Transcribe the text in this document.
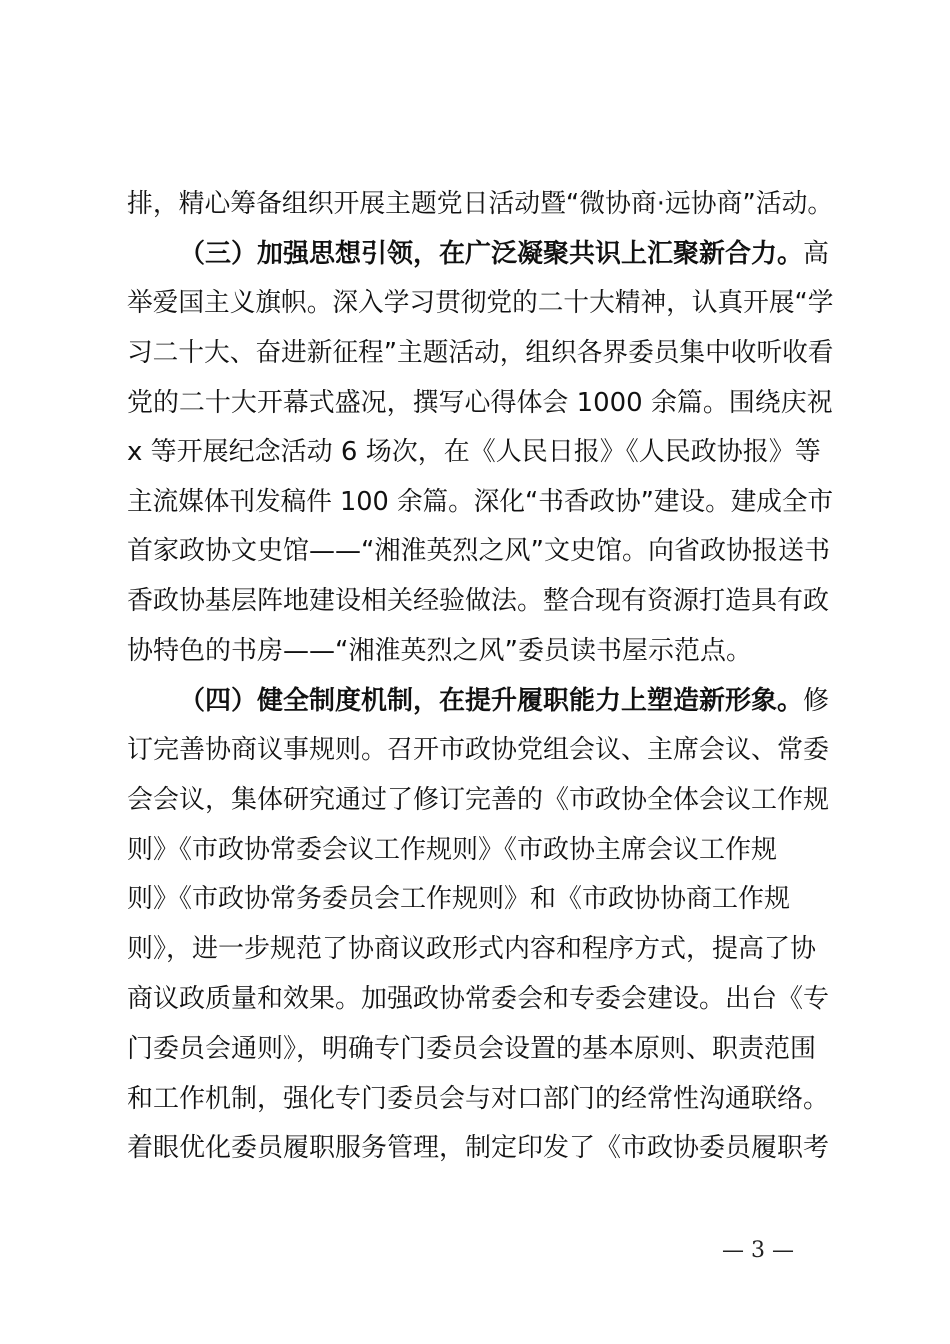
排，精心筹备组织开展主题党日活动暨“微协商·远协商”活动。
（三）加强思想引领，在广泛凝聚共识上汇聚新合力。高
举爱国主义旗帜。深入学习贯彻党的二十大精神，认真开展“学
习二十大、奋进新征程”主题活动，组织各界委员集中收听收看
党的二十大开幕式盛况，撰写心得体会 1000 余篇。围绕庆祝
x 等开展纪念活动 6 场次，在《人民日报》《人民政协报》等
主流媒体刊发稿件 100 余篇。深化“书香政协”建设。建成全市
首家政协文史馆——“湘淮英烈之风”文史馆。向省政协报送书
香政协基层阵地建设相关经验做法。整合现有资源打造具有政
协特色的书房——“湘淮英烈之风”委员读书屋示范点。
（四）健全制度机制，在提升履职能力上塑造新形象。修
订完善协商议事规则。召开市政协党组会议、主席会议、常委
会会议，集体研究通过了修订完善的《市政协全体会议工作规
则》《市政协常委会议工作规则》《市政协主席会议工作规
则》《市政协常务委员会工作规则》和《市政协协商工作规
则》，进一步规范了协商议政形式内容和程序方式，提高了协
商议政质量和效果。加强政协常委会和专委会建设。出台《专
门委员会通则》，明确专门委员会设置的基本原则、职责范围
和工作机制，强化专门委员会与对口部门的经常性沟通联络。
着眼优化委员履职服务管理，制定印发了《市政协委员履职考
— 3 —
